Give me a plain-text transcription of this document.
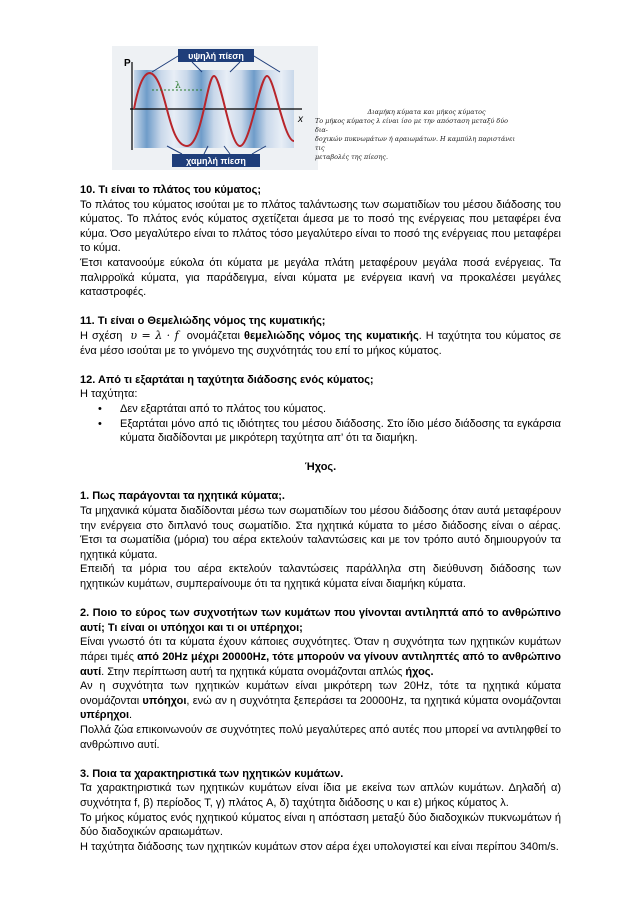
υψηλή πίεση
χαμηλή πίεση
P
x
λ
Διαμήκη κύματα και μήκος κύματος
Το μήκος κύματος λ είναι ίσο με την απόσταση μεταξύ δύο δια-
δοχικών πυκνωμάτων ή αραιωμάτων. Η καμπύλη παριστάνει τις
μεταβολές της πίεσης.
10. Τι είναι το πλάτος του κύματος;

Το πλάτος του κύματος ισούται με το πλάτος ταλάντωσης των σωματιδίων του μέσου διάδοσης του κύματος. Το πλάτος ενός κύματος σχετίζεται άμεσα με το ποσό της ενέργειας που μεταφέρει ένα κύμα. Όσο μεγαλύτερο είναι το πλάτος τόσο μεγαλύτερο είναι το ποσό της ενέργειας που μεταφέρει το κύμα.

Έτσι κατανοούμε εύκολα ότι κύματα με μεγάλα πλάτη μεταφέρουν μεγάλα ποσά ενέργειας. Τα παλιρροϊκά κύματα, για παράδειγμα, είναι κύματα με ενέργεια ικανή να προκαλέσει μεγάλες καταστροφές.

11. Τι είναι ο Θεμελιώδης νόμος της κυματικής;

Η σχέση υ = λ · f ονομάζεται θεμελιώδης νόμος της κυματικής. Η ταχύτητα του κύματος σε ένα μέσο ισούται με το γινόμενο της συχνότητάς του επί το μήκος κύματος.

12. Από τι εξαρτάται η ταχύτητα διάδοσης ενός κύματος;

Η ταχύτητα:

• Δεν εξαρτάται από το πλάτος του κύματος.
• Εξαρτάται μόνο από τις ιδιότητες του μέσου διάδοσης. Στο ίδιο μέσο διάδοσης τα εγκάρσια κύματα διαδίδονται με μικρότερη ταχύτητα απ’ ότι τα διαμήκη.
Ήχος.
1. Πως παράγονται τα ηχητικά κύματα;.

Τα μηχανικά κύματα διαδίδονται μέσω των σωματιδίων του μέσου διάδοσης όταν αυτά μεταφέρουν την ενέργεια στο διπλανό τους σωματίδιο. Στα ηχητικά κύματα το μέσο διάδοσης είναι ο αέρας. Έτσι τα σωματίδια (μόρια) του αέρα εκτελούν ταλαντώσεις και με τον τρόπο αυτό δημιουργούν τα ηχητικά κύματα.

Επειδή τα μόρια του αέρα εκτελούν ταλαντώσεις παράλληλα στη διεύθυνση διάδοσης των ηχητικών κυμάτων, συμπεραίνουμε ότι τα ηχητικά κύματα είναι διαμήκη κύματα.

2. Ποιο το εύρος των συχνοτήτων των κυμάτων που γίνονται αντιληπτά από το ανθρώπινο αυτί; Τι είναι οι υπόηχοι και τι οι υπέρηχοι;

Είναι γνωστό ότι τα κύματα έχουν κάποιες συχνότητες. Όταν η συχνότητα των ηχητικών κυμάτων πάρει τιμές από 20Hz μέχρι 20000Hz, τότε μπορούν να γίνουν αντιληπτές από το ανθρώπινο αυτί. Στην περίπτωση αυτή τα ηχητικά κύματα ονομάζονται απλώς ήχος.

Αν η συχνότητα των ηχητικών κυμάτων είναι μικρότερη των 20Hz, τότε τα ηχητικά κύματα ονομάζονται υπόηχοι, ενώ αν η συχνότητα ξεπεράσει τα 20000Hz, τα ηχητικά κύματα ονομάζονται υπέρηχοι.

Πολλά ζώα επικοινωνούν σε συχνότητες πολύ μεγαλύτερες από αυτές που μπορεί να αντιληφθεί το ανθρώπινο αυτί.

3. Ποια τα χαρακτηριστικά των ηχητικών κυμάτων.

Τα χαρακτηριστικά των ηχητικών κυμάτων είναι ίδια με εκείνα των απλών κυμάτων. Δηλαδή α) συχνότητα f, β) περίοδος T, γ) πλάτος A, δ) ταχύτητα διάδοσης υ και ε) μήκος κύματος λ.

Το μήκος κύματος ενός ηχητικού κύματος είναι η απόσταση μεταξύ δύο διαδοχικών πυκνωμάτων ή δύο διαδοχικών αραιωμάτων.

Η ταχύτητα διάδοσης των ηχητικών κυμάτων στον αέρα έχει υπολογιστεί και είναι περίπου 340m/s.
